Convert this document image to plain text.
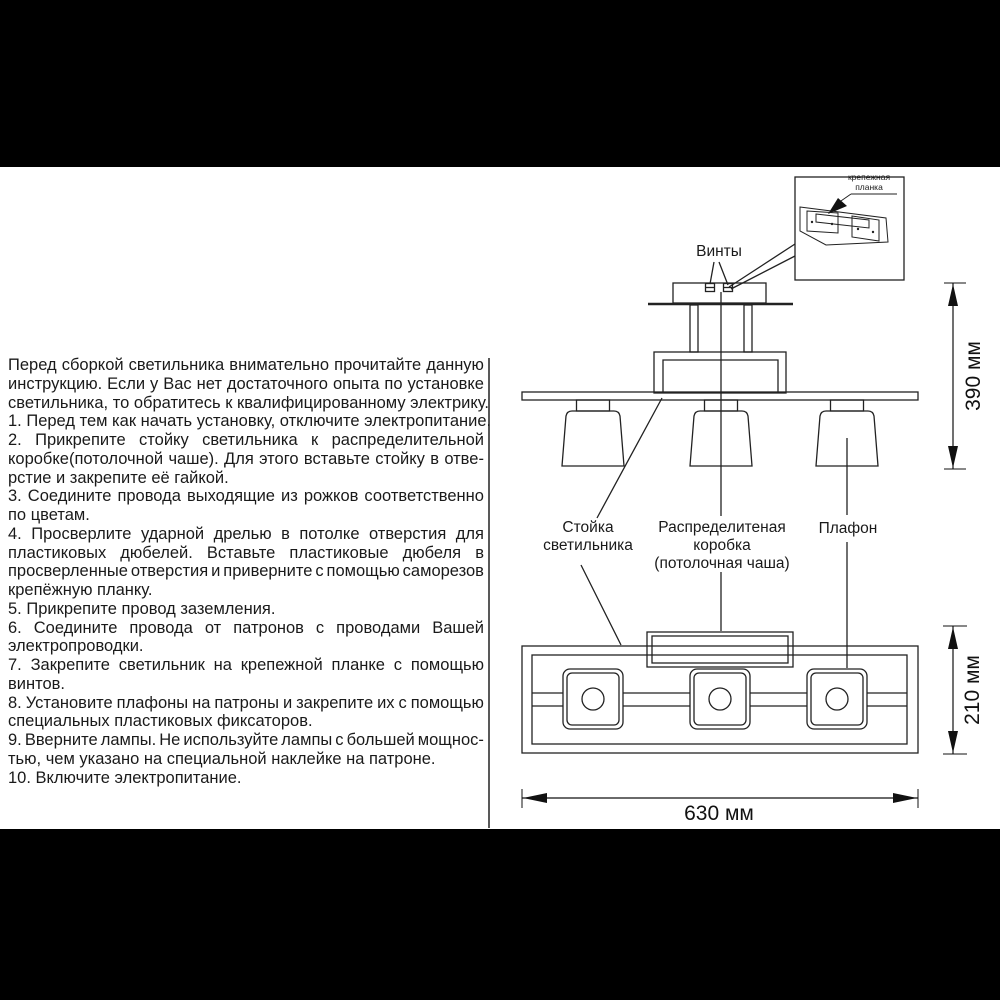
Перед сборкой светильника внимательно прочитайте данную
инструкцию. Если у Вас нет достаточного опыта по установке
светильника, то обратитесь к квалифицированному электрику.
1. Перед тем как начать установку, отключите электропитание.
2. Прикрепите стойку светильника к распределительной
коробке(потолочной чаше). Для этого вставьте стойку в отве-
рстие и закрепите её гайкой.
3. Соедините провода выходящие из рожков соответственно
по цветам.
4. Просверлите ударной дрелью в потолке отверстия для
пластиковых дюбелей. Вставьте пластиковые дюбеля в
просверленные отверстия и приверните с помощью саморезов
крепёжную планку.
5. Прикрепите провод заземления.
6. Соедините провода от патронов с проводами Вашей
электропроводки.
7. Закрепите светильник на крепежной планке с помощью
винтов.
8. Установите плафоны на патроны и закрепите их с помощью
специальных пластиковых фиксаторов.
9. Вверните лампы. Не используйте лампы с большей мощнос-
тью, чем указано на специальной наклейке на патроне.
10. Включите электропитание.
Винты
Стойка
светильника
Распределитеная
коробка
(потолочная чаша)
Плафон
крепежная
планка
390 мм
210 мм
630 мм
